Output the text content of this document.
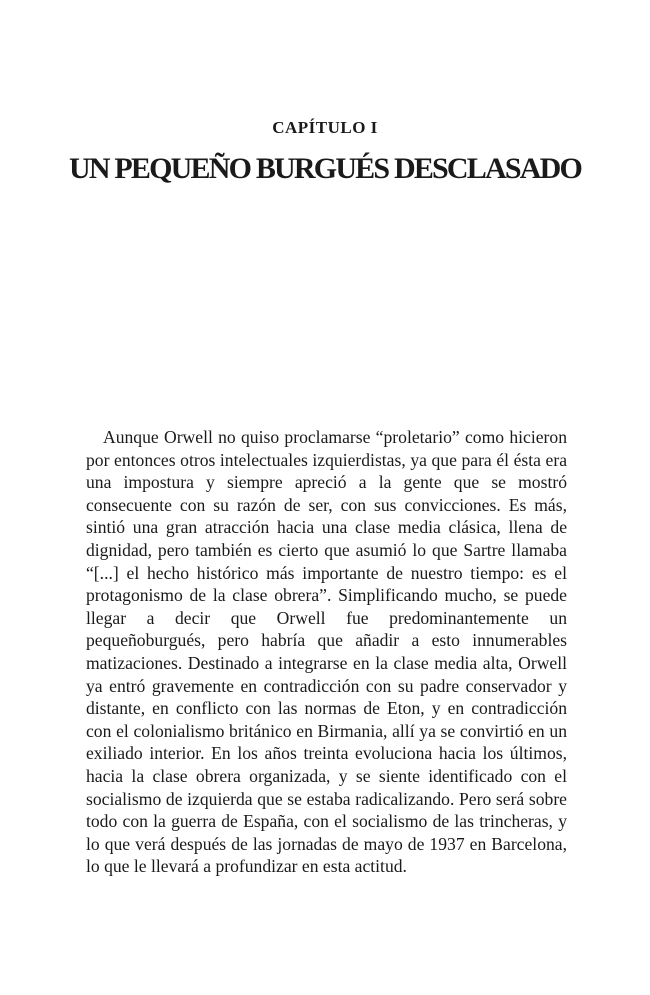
CAPÍTULO I
UN PEQUEÑO BURGUÉS DESCLASADO

Aunque Orwell no quiso proclamarse “proletario” como hicieron por entonces otros intelectuales izquierdistas, ya que para él ésta era una impostura y siempre apreció a la gente que se mostró consecuente con su razón de ser, con sus convicciones. Es más, sintió una gran atracción hacia una clase media clásica, llena de dignidad, pero también es cierto que asumió lo que Sartre llamaba “[...] el hecho histórico más importante de nuestro tiempo: es el protagonismo de la clase obrera”. Simplificando mucho, se puede llegar a decir que Orwell fue predominantemente un pequeñoburgués, pero habría que añadir a esto innumerables matizaciones. Destinado a integrarse en la clase media alta, Orwell ya entró gravemente en contradicción con su padre conservador y distante, en conflicto con las normas de Eton, y en contradicción con el colonialismo británico en Birmania, allí ya se convirtió en un exiliado interior. En los años treinta evoluciona hacia los últimos, hacia la clase obrera organizada, y se siente identificado con el socialismo de izquierda que se estaba radicalizando. Pero será sobre todo con la guerra de España, con el socialismo de las trincheras, y lo que verá después de las jornadas de mayo de 1937 en Barcelona, lo que le llevará a profundizar en esta actitud.
